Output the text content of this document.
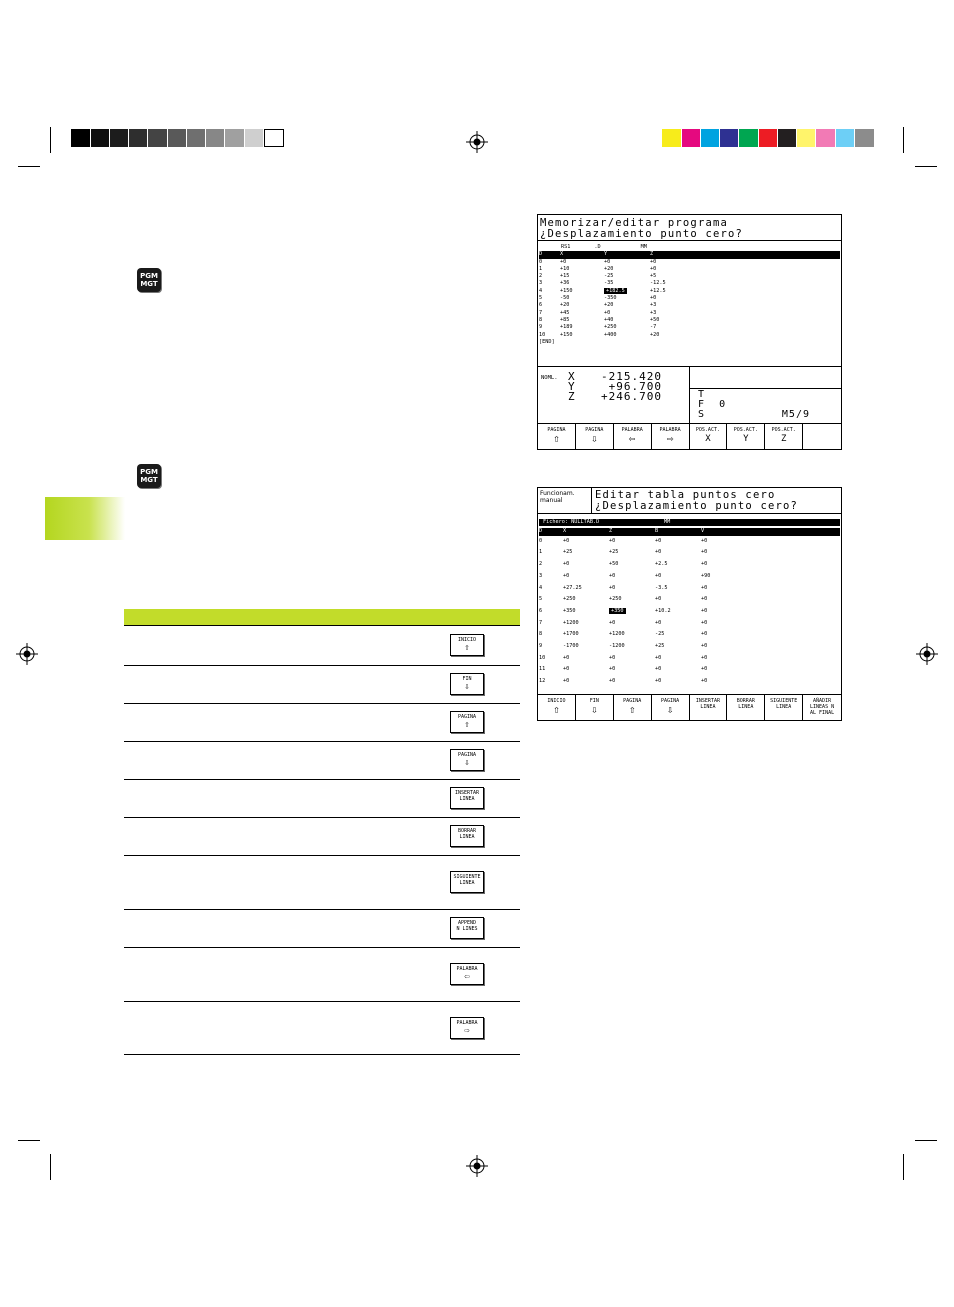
PGM
MGT
PGM
MGT
INICIO
⇧
FIN
⇩
PAGINA
⇧
PAGINA
⇩
INSERTAR
LINEA
BORRAR
LINEA
SIGUIENTE
LINEA
APPEND
N LINES
PALABRA
⇦
PALABRA
⇨
Memorizar/editar programa
¿Desplazamiento punto cero?
RS1	.D	MM
D	X	Y	Z
0	+0	+0	+0
1	+10	+20	+0
2	+15	-25	+5
3	+36	-35	-12.5
4	+150	+182.5	+12.5
5	-50	-350	+0
6	+20	+20	+3
7	+45	+0	+3
8	+85	+40	+50
9	+189	+250	-7
10	+150	+400	+20
[END]
NOML. X	-215.420
Y	+96.700
Z	+246.700	T
F 0
S	M5/9
PAGINA
⇧
PAGINA
⇩
PALABRA
⇦
PALABRA
⇨
POS.ACT.
X
POS.ACT.
Y
POS.ACT.
Z
Funcionam. manual	Editar tabla puntos cero
¿Desplazamiento punto cero?
Fichero: NULLTAB.D	MM
D	X	Z	B	V
0	+0	+0	+0	+0
1	+25	+25	+0	+0
2	+0	+50	+2.5	+0
3	+0	+0	+0	+90
4	+27.25	+0	-3.5	+0
5	+250	+250	+0	+0
6	+350	+350	+10.2	+0
7	+1200	+0	+0	+0
8	+1700	+1200	-25	+0
9	-1700	-1200	+25	+0
10	+0	+0	+0	+0
11	+0	+0	+0	+0
12	+0	+0	+0	+0
INICIO
⇧
FIN
⇩
PAGINA
⇧
PAGINA
⇩
INSERTAR
LINEA
BORRAR
LINEA
SIGUIENTE
LINEA
AÑADIR
LINEAS N
AL FINAL
